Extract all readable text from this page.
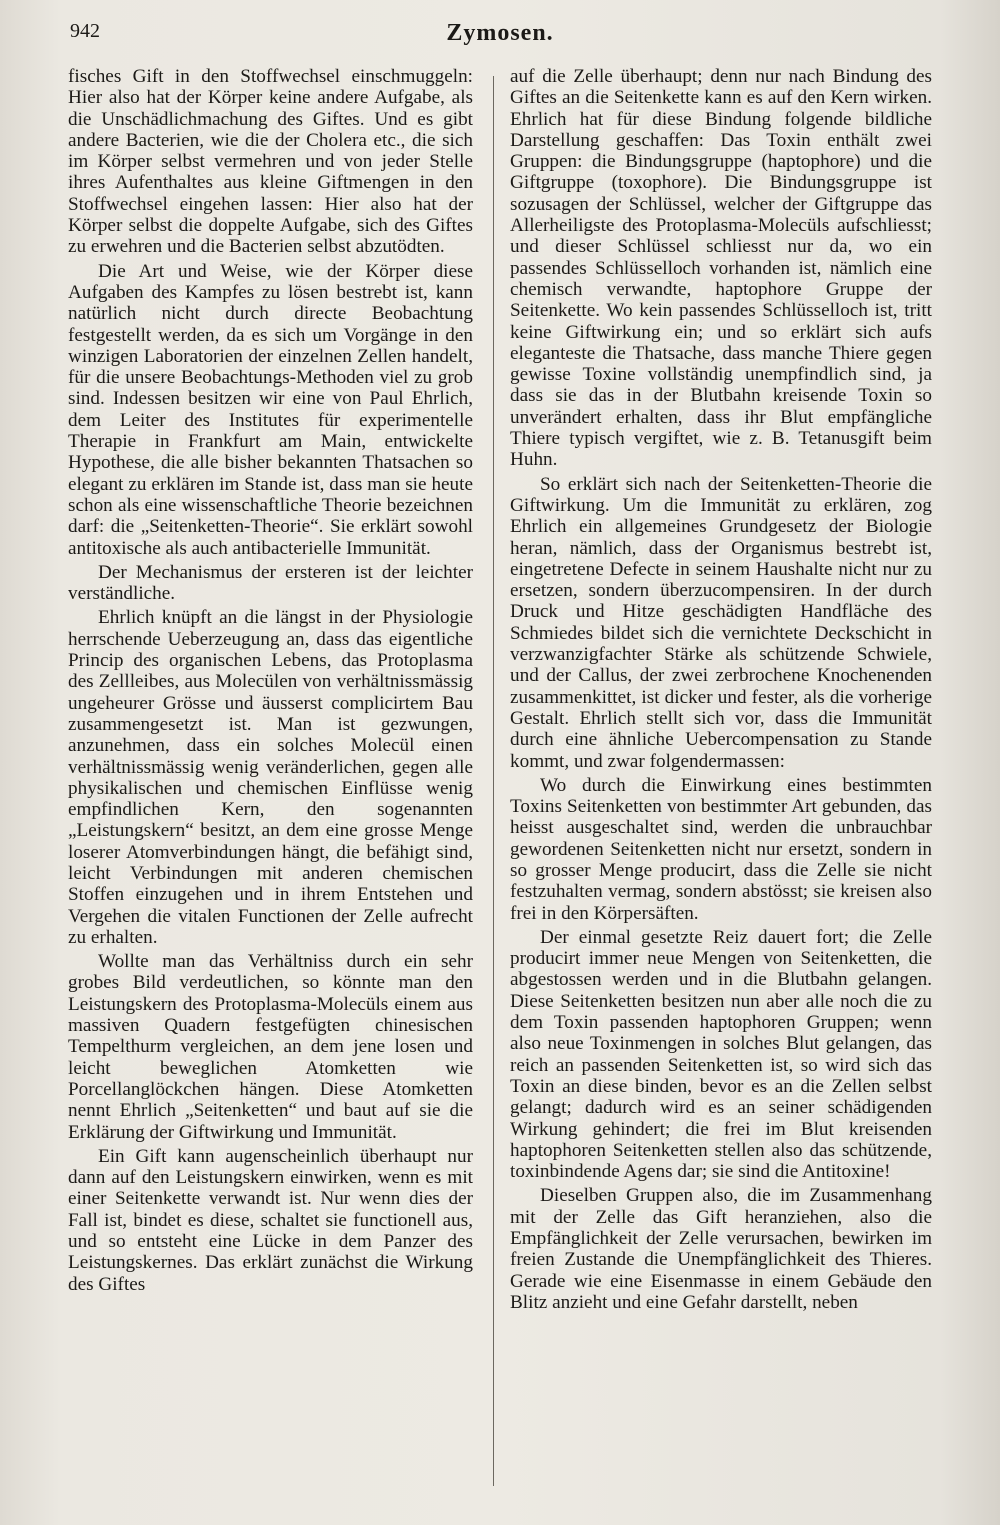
942	Zymosen.

fisches Gift in den Stoffwechsel einschmuggeln: Hier also hat der Körper keine andere Aufgabe, als die Unschädlichmachung des Giftes. Und es gibt andere Bacterien, wie die der Cholera etc., die sich im Körper selbst vermehren und von jeder Stelle ihres Aufenthaltes aus kleine Giftmengen in den Stoffwechsel eingehen lassen: Hier also hat der Körper selbst die doppelte Aufgabe, sich des Giftes zu erwehren und die Bacterien selbst abzutödten.

Die Art und Weise, wie der Körper diese Aufgaben des Kampfes zu lösen bestrebt ist, kann natürlich nicht durch directe Beobachtung festgestellt werden, da es sich um Vorgänge in den winzigen Laboratorien der einzelnen Zellen handelt, für die unsere Beobachtungs-Methoden viel zu grob sind. Indessen besitzen wir eine von Paul Ehrlich, dem Leiter des Institutes für experimentelle Therapie in Frankfurt am Main, entwickelte Hypothese, die alle bisher bekannten Thatsachen so elegant zu erklären im Stande ist, dass man sie heute schon als eine wissenschaftliche Theorie bezeichnen darf: die „Seitenketten-Theorie“. Sie erklärt sowohl antitoxische als auch antibacterielle Immunität.

Der Mechanismus der ersteren ist der leichter verständliche.

Ehrlich knüpft an die längst in der Physiologie herrschende Ueberzeugung an, dass das eigentliche Princip des organischen Lebens, das Protoplasma des Zellleibes, aus Molecülen von verhältnissmässig ungeheurer Grösse und äusserst complicirtem Bau zusammengesetzt ist. Man ist gezwungen, anzunehmen, dass ein solches Molecül einen verhältnissmässig wenig veränderlichen, gegen alle physikalischen und chemischen Einflüsse wenig empfindlichen Kern, den sogenannten „Leistungskern“ besitzt, an dem eine grosse Menge loserer Atomverbindungen hängt, die befähigt sind, leicht Verbindungen mit anderen chemischen Stoffen einzugehen und in ihrem Entstehen und Vergehen die vitalen Functionen der Zelle aufrecht zu erhalten.

Wollte man das Verhältniss durch ein sehr grobes Bild verdeutlichen, so könnte man den Leistungskern des Protoplasma-Molecüls einem aus massiven Quadern festgefügten chinesischen Tempelthurm vergleichen, an dem jene losen und leicht beweglichen Atomketten wie Porcellanglöckchen hängen. Diese Atomketten nennt Ehrlich „Seitenketten“ und baut auf sie die Erklärung der Giftwirkung und Immunität.

Ein Gift kann augenscheinlich überhaupt nur dann auf den Leistungskern einwirken, wenn es mit einer Seitenkette verwandt ist. Nur wenn dies der Fall ist, bindet es diese, schaltet sie functionell aus, und so entsteht eine Lücke in dem Panzer des Leistungskernes. Das erklärt zunächst die Wirkung des Giftes

auf die Zelle überhaupt; denn nur nach Bindung des Giftes an die Seitenkette kann es auf den Kern wirken. Ehrlich hat für diese Bindung folgende bildliche Darstellung geschaffen: Das Toxin enthält zwei Gruppen: die Bindungsgruppe (haptophore) und die Giftgruppe (toxophore). Die Bindungsgruppe ist sozusagen der Schlüssel, welcher der Giftgruppe das Allerheiligste des Protoplasma-Molecüls aufschliesst; und dieser Schlüssel schliesst nur da, wo ein passendes Schlüsselloch vorhanden ist, nämlich eine chemisch verwandte, haptophore Gruppe der Seitenkette. Wo kein passendes Schlüsselloch ist, tritt keine Giftwirkung ein; und so erklärt sich aufs eleganteste die Thatsache, dass manche Thiere gegen gewisse Toxine vollständig unempfindlich sind, ja dass sie das in der Blutbahn kreisende Toxin so unverändert erhalten, dass ihr Blut empfängliche Thiere typisch vergiftet, wie z. B. Tetanusgift beim Huhn.

So erklärt sich nach der Seitenketten-Theorie die Giftwirkung. Um die Immunität zu erklären, zog Ehrlich ein allgemeines Grundgesetz der Biologie heran, nämlich, dass der Organismus bestrebt ist, eingetretene Defecte in seinem Haushalte nicht nur zu ersetzen, sondern überzucompensiren. In der durch Druck und Hitze geschädigten Handfläche des Schmiedes bildet sich die vernichtete Deckschicht in verzwanzigfachter Stärke als schützende Schwiele, und der Callus, der zwei zerbrochene Knochenenden zusammenkittet, ist dicker und fester, als die vorherige Gestalt. Ehrlich stellt sich vor, dass die Immunität durch eine ähnliche Uebercompensation zu Stande kommt, und zwar folgendermassen:

Wo durch die Einwirkung eines bestimmten Toxins Seitenketten von bestimmter Art gebunden, das heisst ausgeschaltet sind, werden die unbrauchbar gewordenen Seitenketten nicht nur ersetzt, sondern in so grosser Menge producirt, dass die Zelle sie nicht festzuhalten vermag, sondern abstösst; sie kreisen also frei in den Körpersäften.

Der einmal gesetzte Reiz dauert fort; die Zelle producirt immer neue Mengen von Seitenketten, die abgestossen werden und in die Blutbahn gelangen. Diese Seitenketten besitzen nun aber alle noch die zu dem Toxin passenden haptophoren Gruppen; wenn also neue Toxinmengen in solches Blut gelangen, das reich an passenden Seitenketten ist, so wird sich das Toxin an diese binden, bevor es an die Zellen selbst gelangt; dadurch wird es an seiner schädigenden Wirkung gehindert; die frei im Blut kreisenden haptophoren Seitenketten stellen also das schützende, toxinbindende Agens dar; sie sind die Antitoxine!

Dieselben Gruppen also, die im Zusammenhang mit der Zelle das Gift heranziehen, also die Empfänglichkeit der Zelle verursachen, bewirken im freien Zustande die Unempfänglichkeit des Thieres. Gerade wie eine Eisenmasse in einem Gebäude den Blitz anzieht und eine Gefahr darstellt, neben
